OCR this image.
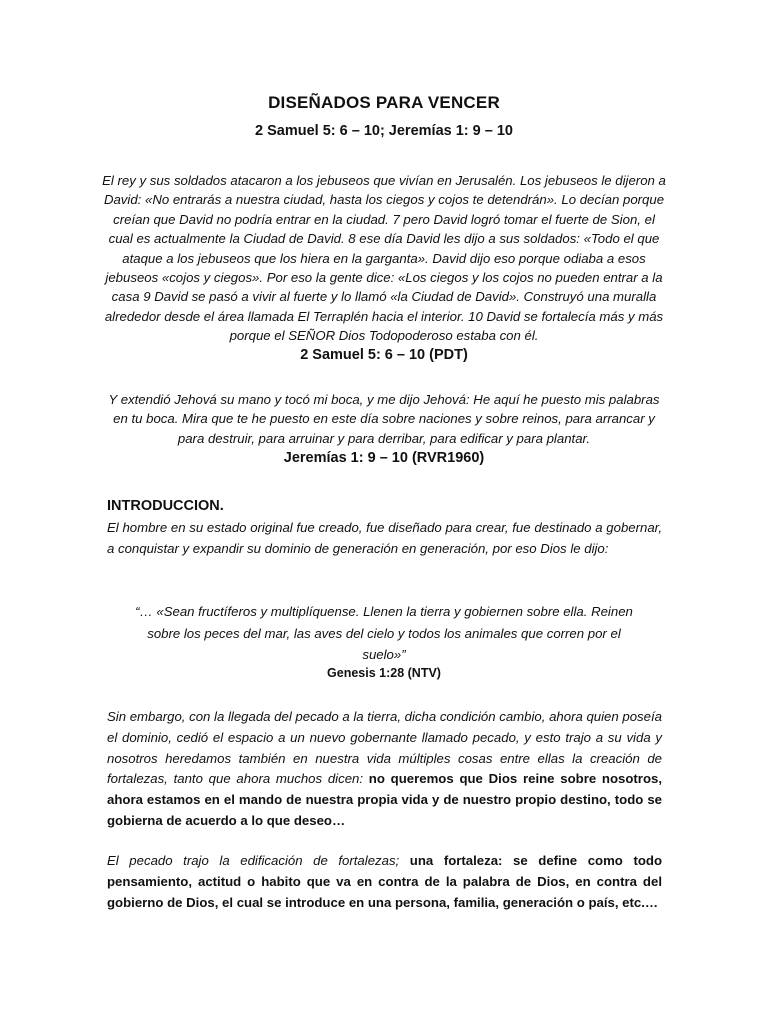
DISEÑADOS PARA VENCER
2 Samuel 5: 6 – 10; Jeremías 1: 9 – 10
El rey y sus soldados atacaron a los jebuseos que vivían en Jerusalén. Los jebuseos le dijeron a David: «No entrarás a nuestra ciudad, hasta los ciegos y cojos te detendrán». Lo decían porque creían que David no podría entrar en la ciudad. 7 pero David logró tomar el fuerte de Sion, el cual es actualmente la Ciudad de David. 8 ese día David les dijo a sus soldados: «Todo el que ataque a los jebuseos que los hiera en la garganta». David dijo eso porque odiaba a esos jebuseos «cojos y ciegos». Por eso la gente dice: «Los ciegos y los cojos no pueden entrar a la casa 9 David se pasó a vivir al fuerte y lo llamó «la Ciudad de David». Construyó una muralla alrededor desde el área llamada El Terraplén hacia el interior. 10 David se fortalecía más y más porque el SEÑOR Dios Todopoderoso estaba con él.
2 Samuel 5: 6 – 10 (PDT)
Y extendió Jehová su mano y tocó mi boca, y me dijo Jehová: He aquí he puesto mis palabras en tu boca. Mira que te he puesto en este día sobre naciones y sobre reinos, para arrancar y para destruir, para arruinar y para derribar, para edificar y para plantar.
Jeremías 1: 9 – 10 (RVR1960)
INTRODUCCION.
El hombre en su estado original fue creado, fue diseñado para crear, fue destinado a gobernar, a conquistar y expandir su dominio de generación en generación, por eso Dios le dijo:
“… «Sean fructíferos y multiplíquense. Llenen la tierra y gobiernen sobre ella. Reinen sobre los peces del mar, las aves del cielo y todos los animales que corren por el suelo»”
Genesis 1:28 (NTV)
Sin embargo, con la llegada del pecado a la tierra, dicha condición cambio, ahora quien poseía el dominio, cedió el espacio a un nuevo gobernante llamado pecado, y esto trajo a su vida y nosotros heredamos también en nuestra vida múltiples cosas entre ellas la creación de fortalezas, tanto que ahora muchos dicen: no queremos que Dios reine sobre nosotros, ahora estamos en el mando de nuestra propia vida y de nuestro propio destino, todo se gobierna de acuerdo a lo que deseo…
El pecado trajo la edificación de fortalezas; una fortaleza: se define como todo pensamiento, actitud o habito que va en contra de la palabra de Dios, en contra del gobierno de Dios, el cual se introduce en una persona, familia, generación o país, etc.…
